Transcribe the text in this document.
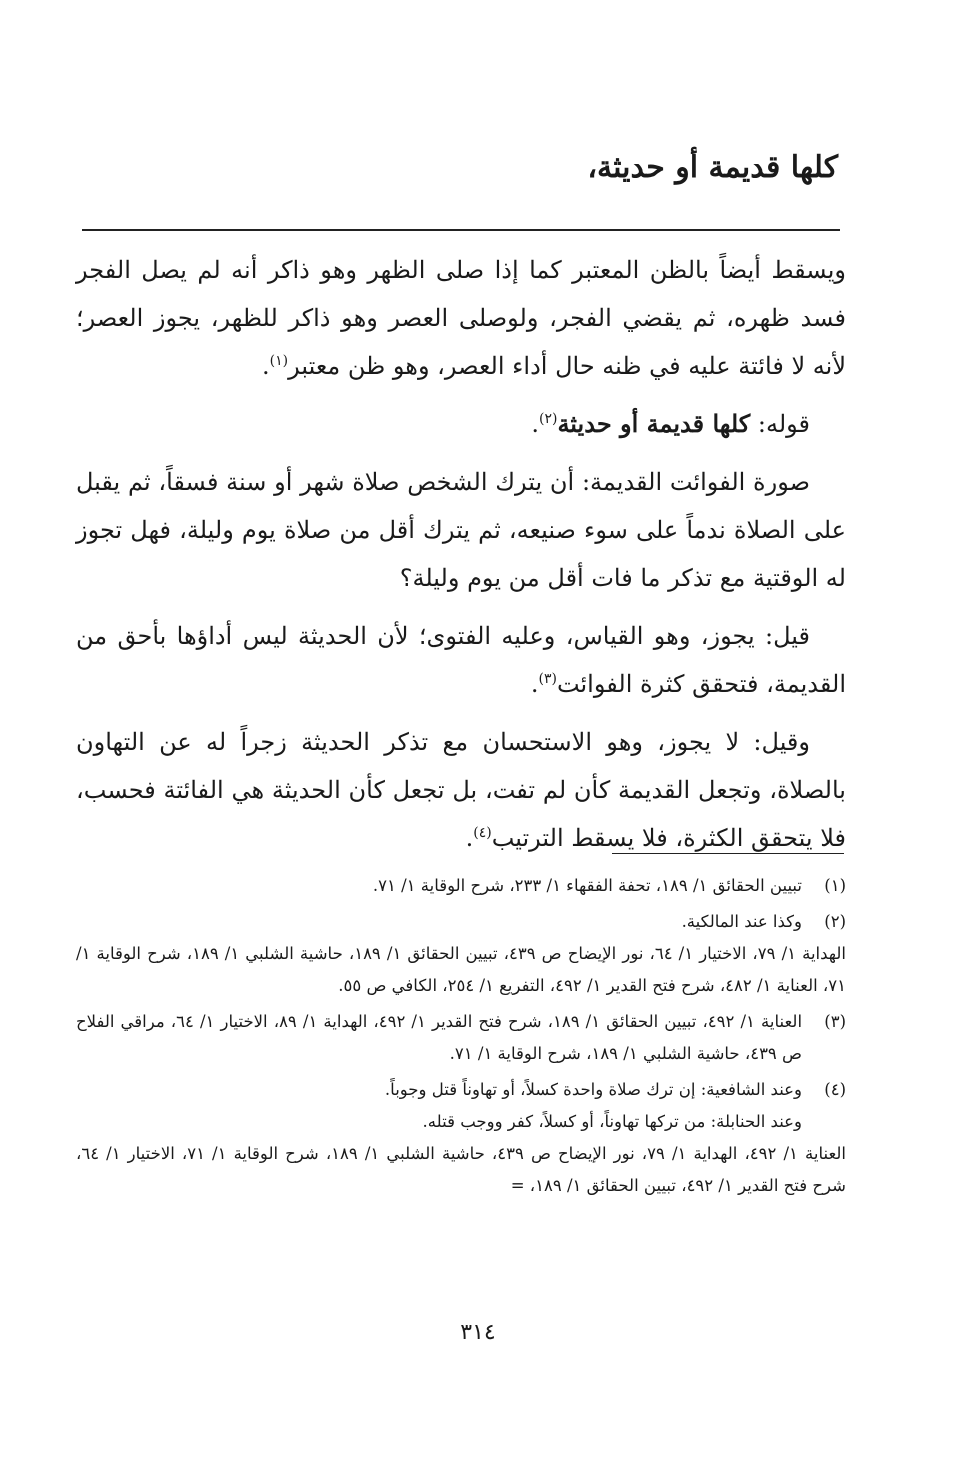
كلها قديمة أو حديثة،

ويسقط أيضاً بالظن المعتبر كما إذا صلى الظهر وهو ذاكر أنه لم يصل الفجر فسد ظهره، ثم يقضي الفجر، ولوصلى العصر وهو ذاكر للظهر، يجوز العصر؛ لأنه لا فائتة عليه في ظنه حال أداء العصر، وهو ظن معتبر$^{(١)}$.

قوله: كلها قديمة أو حديثة$^{(٢)}$.

صورة الفوائت القديمة: أن يترك الشخص صلاة شهر أو سنة فسقاً، ثم يقبل على الصلاة ندماً على سوء صنيعه، ثم يترك أقل من صلاة يوم وليلة، فهل تجوز له الوقتية مع تذكر ما فات أقل من يوم وليلة؟

قيل: يجوز، وهو القياس، وعليه الفتوى؛ لأن الحديثة ليس أداؤها بأحق من القديمة، فتحقق كثرة الفوائت$^{(٣)}$.

وقيل: لا يجوز، وهو الاستحسان مع تذكر الحديثة زجراً له عن التهاون بالصلاة، وتجعل القديمة كأن لم تفت، بل تجعل كأن الحديثة هي الفائتة فحسب، فلا يتحقق الكثرة، فلا يسقط الترتيب$^{(٤)}$.

(١)

تبيين الحقائق ١/ ١٨٩، تحفة الفقهاء ١/ ٢٣٣، شرح الوقاية ١/ ٧١.

(٢)

وكذا عند المالكية.

الهداية ١/ ٧٩، الاختيار ١/ ٦٤، نور الإيضاح ص ٤٣٩، تبيين الحقائق ١/ ١٨٩، حاشية الشلبي ١/ ١٨٩، شرح الوقاية ١/ ٧١، العناية ١/ ٤٨٢، شرح فتح القدير ١/ ٤٩٢، التفريع ١/ ٢٥٤، الكافي ص ٥٥.

(٣)

العناية ١/ ٤٩٢، تبيين الحقائق ١/ ١٨٩، شرح فتح القدير ١/ ٤٩٢، الهداية ١/ ٨٩، الاختيار ١/ ٦٤، مراقي الفلاح ص ٤٣٩، حاشية الشلبي ١/ ١٨٩، شرح الوقاية ١/ ٧١.

(٤)

وعند الشافعية: إن ترك صلاة واحدة كسلاً، أو تهاوناً قتل وجوباً.

وعند الحنابلة: من تركها تهاوناً، أو كسلاً، كفر ووجب قتله.

العناية ١/ ٤٩٢، الهداية ١/ ٧٩، نور الإيضاح ص ٤٣٩، حاشية الشلبي ١/ ١٨٩، شرح الوقاية ١/ ٧١، الاختيار ١/ ٦٤، شرح فتح القدير ١/ ٤٩٢، تبيين الحقائق ١/ ١٨٩، =

٣١٤
